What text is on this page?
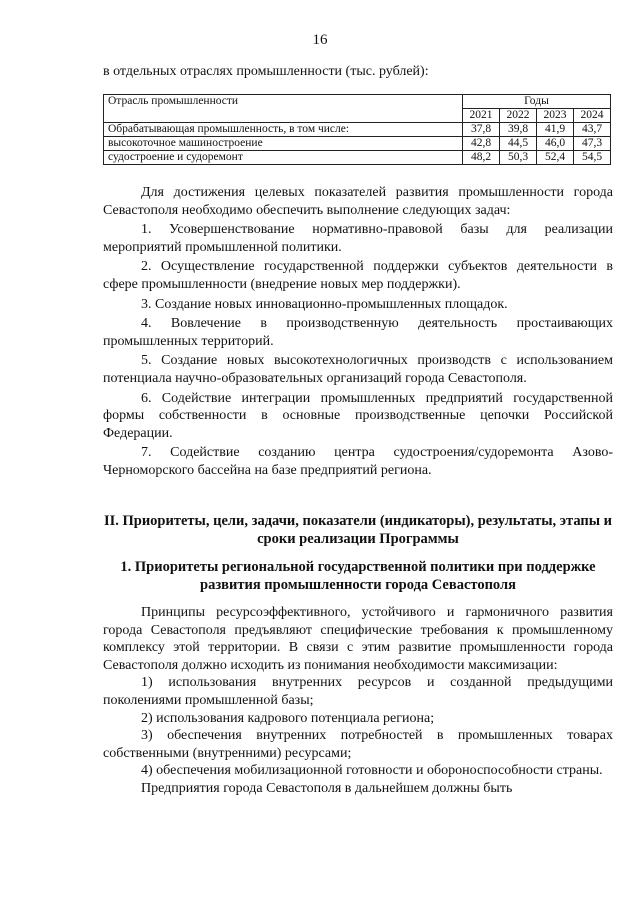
16
в отдельных отраслях промышленности (тыс. рублей):
Отрасль промышленности	Годы			
	2021	2022	2023	2024
Обрабатывающая промышленность, в том числе:	37,8	39,8	41,9	43,7
высокоточное машиностроение	42,8	44,5	46,0	47,3
судостроение и судоремонт	48,2	50,3	52,4	54,5

Для достижения целевых показателей развития промышленности города Севастополя необходимо обеспечить выполнение следующих задач:

1. Усовершенствование нормативно-правовой базы для реализации мероприятий промышленной политики.

2. Осуществление государственной поддержки субъектов деятельности в сфере промышленности (внедрение новых мер поддержки).

3. Создание новых инновационно-промышленных площадок.

4. Вовлечение в производственную деятельность простаивающих промышленных территорий.

5. Создание новых высокотехнологичных производств с использованием потенциала научно-образовательных организаций города Севастополя.

6. Содействие интеграции промышленных предприятий государственной формы собственности в основные производственные цепочки Российской Федерации.

7. Содействие созданию центра судостроения/судоремонта Азово-Черноморского бассейна на базе предприятий региона.

II. Приоритеты, цели, задачи, показатели (индикаторы), результаты, этапы и сроки реализации Программы
1. Приоритеты региональной государственной политики при поддержке развития промышленности города Севастополя

Принципы ресурсоэффективного, устойчивого и гармоничного развития города Севастополя предъявляют специфические требования к промышленному комплексу этой территории. В связи с этим развитие промышленности города Севастополя должно исходить из понимания необходимости максимизации:

1) использования внутренних ресурсов и созданной предыдущими поколениями промышленной базы;

2) использования кадрового потенциала региона;

3) обеспечения внутренних потребностей в промышленных товарах собственными (внутренними) ресурсами;

4) обеспечения мобилизационной готовности и обороноспособности страны.

Предприятия города Севастополя в дальнейшем должны быть
